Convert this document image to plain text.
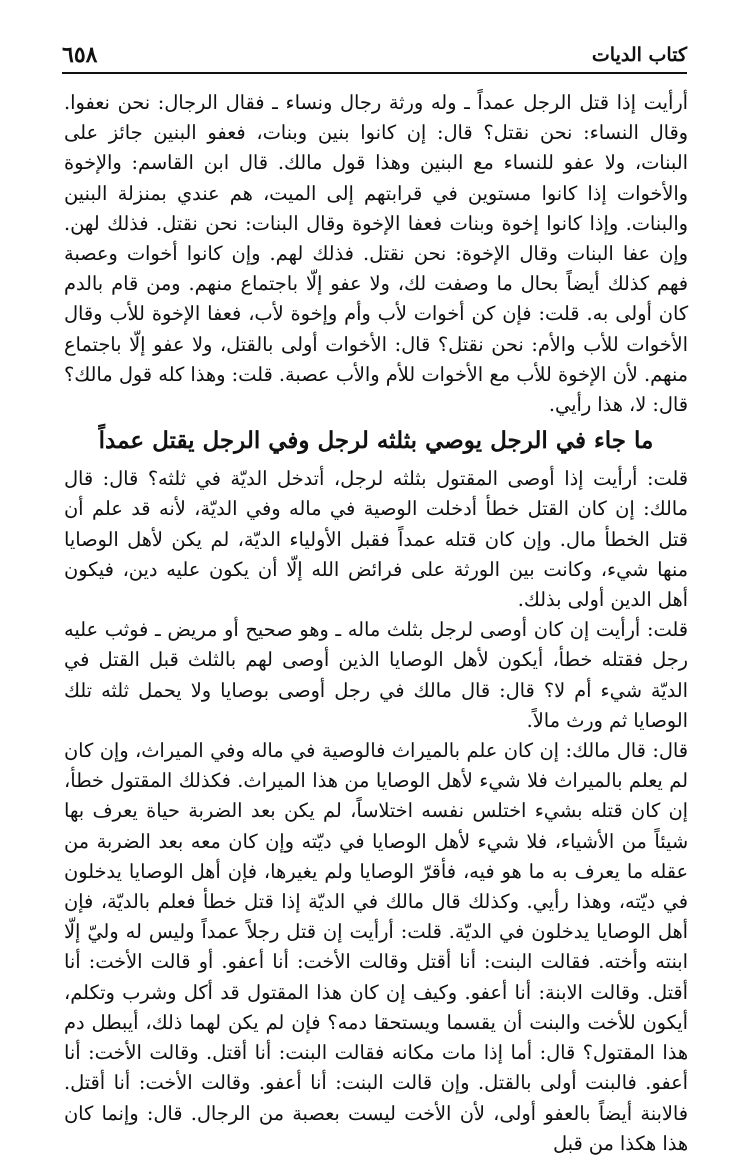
٦٥٨	كتاب الديات

أرأيت إذا قتل الرجل عمداً ـ وله ورثة رجال ونساء ـ فقال الرجال: نحن نعفوا. وقال النساء: نحن نقتل؟ قال: إن كانوا بنين وبنات، فعفو البنين جائز على البنات، ولا عفو للنساء مع البنين وهذا قول مالك. قال ابن القاسم: والإخوة والأخوات إذا كانوا مستوين في قرابتهم إلى الميت، هم عندي بمنزلة البنين والبنات. وإذا كانوا إخوة وبنات فعفا الإخوة وقال البنات: نحن نقتل. فذلك لهن. وإن عفا البنات وقال الإخوة: نحن نقتل. فذلك لهم. وإن كانوا أخوات وعصبة فهم كذلك أيضاً بحال ما وصفت لك، ولا عفو إلّا باجتماع منهم. ومن قام بالدم كان أولى به. قلت: فإن كن أخوات لأب وأم وإخوة لأب، فعفا الإخوة للأب وقال الأخوات للأب والأم: نحن نقتل؟ قال: الأخوات أولى بالقتل، ولا عفو إلّا باجتماع منهم. لأن الإخوة للأب مع الأخوات للأم والأب عصبة. قلت: وهذا كله قول مالك؟ قال: لا، هذا رأيي.

ما جاء في الرجل يوصي بثلثه لرجل وفي الرجل يقتل عمداً

قلت: أرأيت إذا أوصى المقتول بثلثه لرجل، أتدخل الديّة في ثلثه؟ قال: قال مالك: إن كان القتل خطأ أدخلت الوصية في ماله وفي الديّة، لأنه قد علم أن قتل الخطأ مال. وإن كان قتله عمداً فقبل الأولياء الديّة، لم يكن لأهل الوصايا منها شيء، وكانت بين الورثة على فرائض الله إلّا أن يكون عليه دين، فيكون أهل الدين أولى بذلك.

قلت: أرأيت إن كان أوصى لرجل بثلث ماله ـ وهو صحيح أو مريض ـ فوثب عليه رجل فقتله خطأ، أيكون لأهل الوصايا الذين أوصى لهم بالثلث قبل القتل في الديّة شيء أم لا؟ قال: قال مالك في رجل أوصى بوصايا ولا يحمل ثلثه تلك الوصايا ثم ورث مالاً.

قال: قال مالك: إن كان علم بالميراث فالوصية في ماله وفي الميراث، وإن كان لم يعلم بالميراث فلا شيء لأهل الوصايا من هذا الميراث. فكذلك المقتول خطأ، إن كان قتله بشيء اختلس نفسه اختلاساً، لم يكن بعد الضربة حياة يعرف بها شيئاً من الأشياء، فلا شيء لأهل الوصايا في ديّته وإن كان معه بعد الضربة من عقله ما يعرف به ما هو فيه، فأقرّ الوصايا ولم يغيرها، فإن أهل الوصايا يدخلون في ديّته، وهذا رأيي. وكذلك قال مالك في الديّة إذا قتل خطأ فعلم بالديّة، فإن أهل الوصايا يدخلون في الديّة. قلت: أرأيت إن قتل رجلاً عمداً وليس له وليّ إلّا ابنته وأخته. فقالت البنت: أنا أقتل وقالت الأخت: أنا أعفو. أو قالت الأخت: أنا أقتل. وقالت الابنة: أنا أعفو. وكيف إن كان هذا المقتول قد أكل وشرب وتكلم، أيكون للأخت والبنت أن يقسما ويستحقا دمه؟ فإن لم يكن لهما ذلك، أيبطل دم هذا المقتول؟ قال: أما إذا مات مكانه فقالت البنت: أنا أقتل. وقالت الأخت: أنا أعفو. فالبنت أولى بالقتل. وإن قالت البنت: أنا أعفو. وقالت الأخت: أنا أقتل. فالابنة أيضاً بالعفو أولى، لأن الأخت ليست بعصبة من الرجال. قال: وإنما كان هذا هكذا من قبل
